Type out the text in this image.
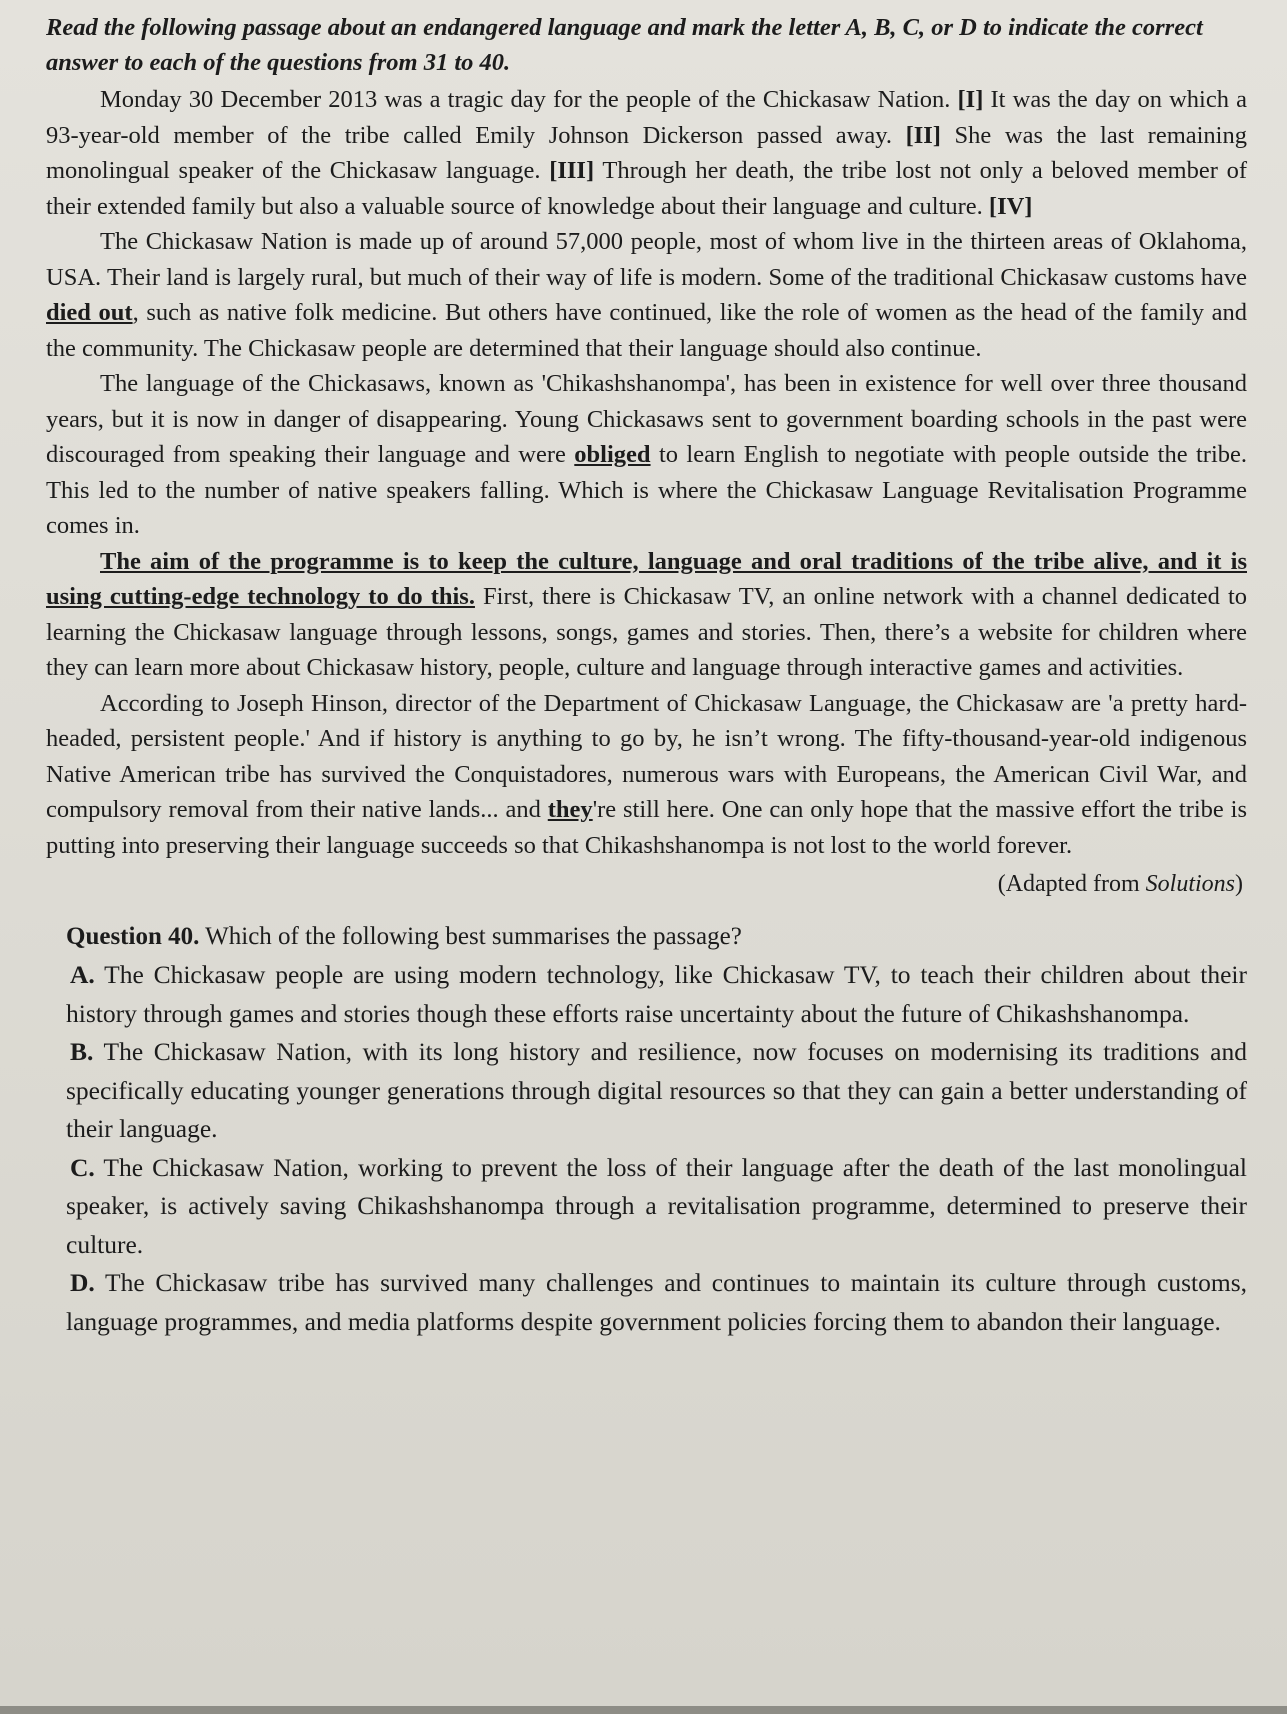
Read the following passage about an endangered language and mark the letter A, B, C, or D to indicate the correct answer to each of the questions from 31 to 40.

Monday 30 December 2013 was a tragic day for the people of the Chickasaw Nation. [I] It was the day on which a 93-year-old member of the tribe called Emily Johnson Dickerson passed away. [II] She was the last remaining monolingual speaker of the Chickasaw language. [III] Through her death, the tribe lost not only a beloved member of their extended family but also a valuable source of knowledge about their language and culture. [IV]

The Chickasaw Nation is made up of around 57,000 people, most of whom live in the thirteen areas of Oklahoma, USA. Their land is largely rural, but much of their way of life is modern. Some of the traditional Chickasaw customs have died out, such as native folk medicine. But others have continued, like the role of women as the head of the family and the community. The Chickasaw people are determined that their language should also continue.

The language of the Chickasaws, known as 'Chikashshanompa', has been in existence for well over three thousand years, but it is now in danger of disappearing. Young Chickasaws sent to government boarding schools in the past were discouraged from speaking their language and were obliged to learn English to negotiate with people outside the tribe. This led to the number of native speakers falling. Which is where the Chickasaw Language Revitalisation Programme comes in.

The aim of the programme is to keep the culture, language and oral traditions of the tribe alive, and it is using cutting-edge technology to do this. First, there is Chickasaw TV, an online network with a channel dedicated to learning the Chickasaw language through lessons, songs, games and stories. Then, there’s a website for children where they can learn more about Chickasaw history, people, culture and language through interactive games and activities.

According to Joseph Hinson, director of the Department of Chickasaw Language, the Chickasaw are 'a pretty hard-headed, persistent people.' And if history is anything to go by, he isn’t wrong. The fifty-thousand-year-old indigenous Native American tribe has survived the Conquistadores, numerous wars with Europeans, the American Civil War, and compulsory removal from their native lands... and they're still here. One can only hope that the massive effort the tribe is putting into preserving their language succeeds so that Chikashshanompa is not lost to the world forever.

(Adapted from Solutions)

Question 40. Which of the following best summarises the passage?

A. The Chickasaw people are using modern technology, like Chickasaw TV, to teach their children about their history through games and stories though these efforts raise uncertainty about the future of Chikashshanompa.

B. The Chickasaw Nation, with its long history and resilience, now focuses on modernising its traditions and specifically educating younger generations through digital resources so that they can gain a better understanding of their language.

C. The Chickasaw Nation, working to prevent the loss of their language after the death of the last monolingual speaker, is actively saving Chikashshanompa through a revitalisation programme, determined to preserve their culture.

D. The Chickasaw tribe has survived many challenges and continues to maintain its culture through customs, language programmes, and media platforms despite government policies forcing them to abandon their language.
